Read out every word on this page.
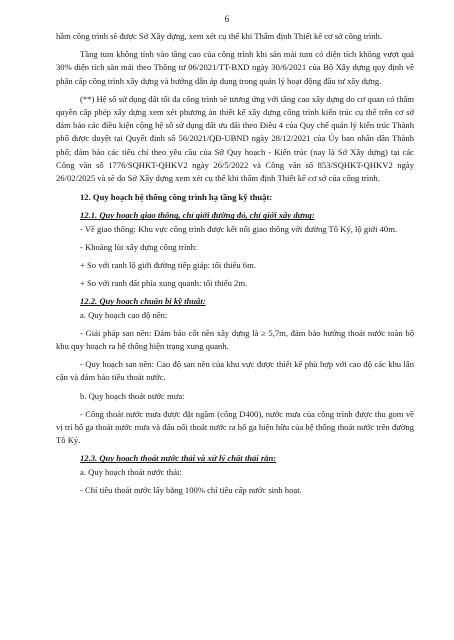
6

hầm công trình sẽ được Sở Xây dựng, xem xét cụ thể khi Thẩm định Thiết kế cơ sở công trình.

Tầng tum không tính vào tầng cao của công trình khi sàn mái tum có diện tích không vượt quá 30% diện tích sàn mái theo Thông tư 06/2021/TT-BXD ngày 30/6/2021 của Bộ Xây dựng quy định về phân cấp công trình xây dựng và hướng dẫn áp dụng trong quản lý hoạt động đầu tư xây dựng.

(**) Hệ số sử dụng đất tối đa công trình sẽ tương ứng với tầng cao xây dựng do cơ quan có thẩm quyền cấp phép xây dựng xem xét phương án thiết kế xây dựng công trình kiến trúc cụ thể trên cơ sở đảm bảo các điều kiện cộng hệ số sử dụng đất ưu đãi theo Điều 4 của Quy chế quản lý kiến trúc Thành phố được duyệt tại Quyết định số 56/2021/QĐ-UBND ngày 28/12/2021 của Ủy ban nhân dân Thành phố; đảm bảo các tiêu chí theo yêu cầu của Sở Quy hoạch - Kiến trúc (nay là Sở Xây dựng) tại các Công văn số 1776/SQHKT-QHKV2 ngày 26/5/2022 và Công văn số 853/SQHKT-QHKV2 ngày 26/02/2025 và sẽ do Sở Xây dựng xem xét cụ thể khi thẩm định Thiết kế cơ sở của công trình.

12. Quy hoạch hệ thống công trình hạ tầng kỹ thuật:

12.1. Quy hoạch giao thông, chỉ giới đường đỏ, chỉ giới xây dựng:

- Về giao thông: Khu vực công trình được kết nối giao thông với đường Tô Ký, lộ giới 40m.

- Khoảng lùi xây dựng công trình:

+ So với ranh lộ giới đường tiếp giáp: tối thiểu 6m.

+ So với ranh đất phía xung quanh: tối thiểu 2m.

12.2. Quy hoạch chuẩn bị kỹ thuật:

a. Quy hoạch cao độ nền:

- Giải pháp san nền: Đảm bảo cốt nền xây dựng là ≥ 5,7m, đảm bảo hướng thoát nước toàn bộ khu quy hoạch ra hệ thống hiện trạng xung quanh.

- Quy hoạch san nền: Cao độ san nền của khu vực được thiết kế phù hợp với cao độ các khu lân cận và đảm bảo tiêu thoát nước.

b. Quy hoạch thoát nước mưa:

- Cống thoát nước mưa được đặt ngầm (cống D400), nước mưa của công trình được thu gom về vị trí hố ga thoát nước mưa và đấu nối thoát nước ra hố ga hiện hữu của hệ thống thoát nước trên đường Tô Ký.

12.3. Quy hoạch thoát nước thải và xử lý chất thải rắn:

a. Quy hoạch thoát nước thải:

- Chỉ tiêu thoát nước lấy bằng 100% chỉ tiêu cấp nước sinh hoạt.
